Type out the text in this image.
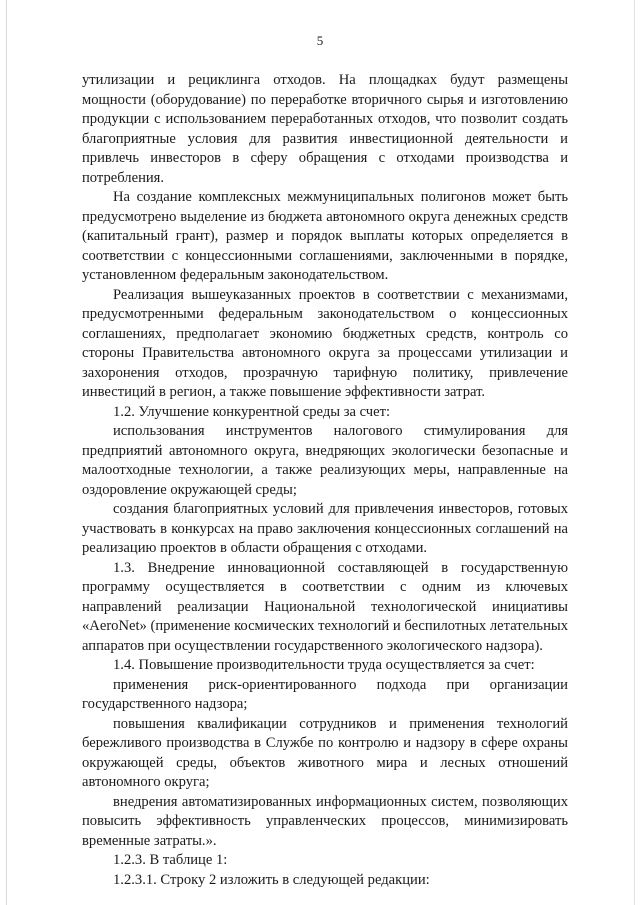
5

утилизации и рециклинга отходов. На площадках будут размещены мощности (оборудование) по переработке вторичного сырья и изготовлению продукции с использованием переработанных отходов, что позволит создать благоприятные условия для развития инвестиционной деятельности и привлечь инвесторов в сферу обращения с отходами производства и потребления.

На создание комплексных межмуниципальных полигонов может быть предусмотрено выделение из бюджета автономного округа денежных средств (капитальный грант), размер и порядок выплаты которых определяется в соответствии с концессионными соглашениями, заключенными в порядке, установленном федеральным законодательством.

Реализация вышеуказанных проектов в соответствии с механизмами, предусмотренными федеральным законодательством о концессионных соглашениях, предполагает экономию бюджетных средств, контроль со стороны Правительства автономного округа за процессами утилизации и захоронения отходов, прозрачную тарифную политику, привлечение инвестиций в регион, а также повышение эффективности затрат.

1.2. Улучшение конкурентной среды за счет:

использования инструментов налогового стимулирования для предприятий автономного округа, внедряющих экологически безопасные и малоотходные технологии, а также реализующих меры, направленные на оздоровление окружающей среды;

создания благоприятных условий для привлечения инвесторов, готовых участвовать в конкурсах на право заключения концессионных соглашений на реализацию проектов в области обращения с отходами.

1.3. Внедрение инновационной составляющей в государственную программу осуществляется в соответствии с одним из ключевых направлений реализации Национальной технологической инициативы «AeroNet» (применение космических технологий и беспилотных летательных аппаратов при осуществлении государственного экологического надзора).

1.4. Повышение производительности труда осуществляется за счет:

применения риск-ориентированного подхода при организации государственного надзора;

повышения квалификации сотрудников и применения технологий бережливого производства в Службе по контролю и надзору в сфере охраны окружающей среды, объектов животного мира и лесных отношений автономного округа;

внедрения автоматизированных информационных систем, позволяющих повысить эффективность управленческих процессов, минимизировать временные затраты.».

1.2.3. В таблице 1:

1.2.3.1. Строку 2 изложить в следующей редакции:
